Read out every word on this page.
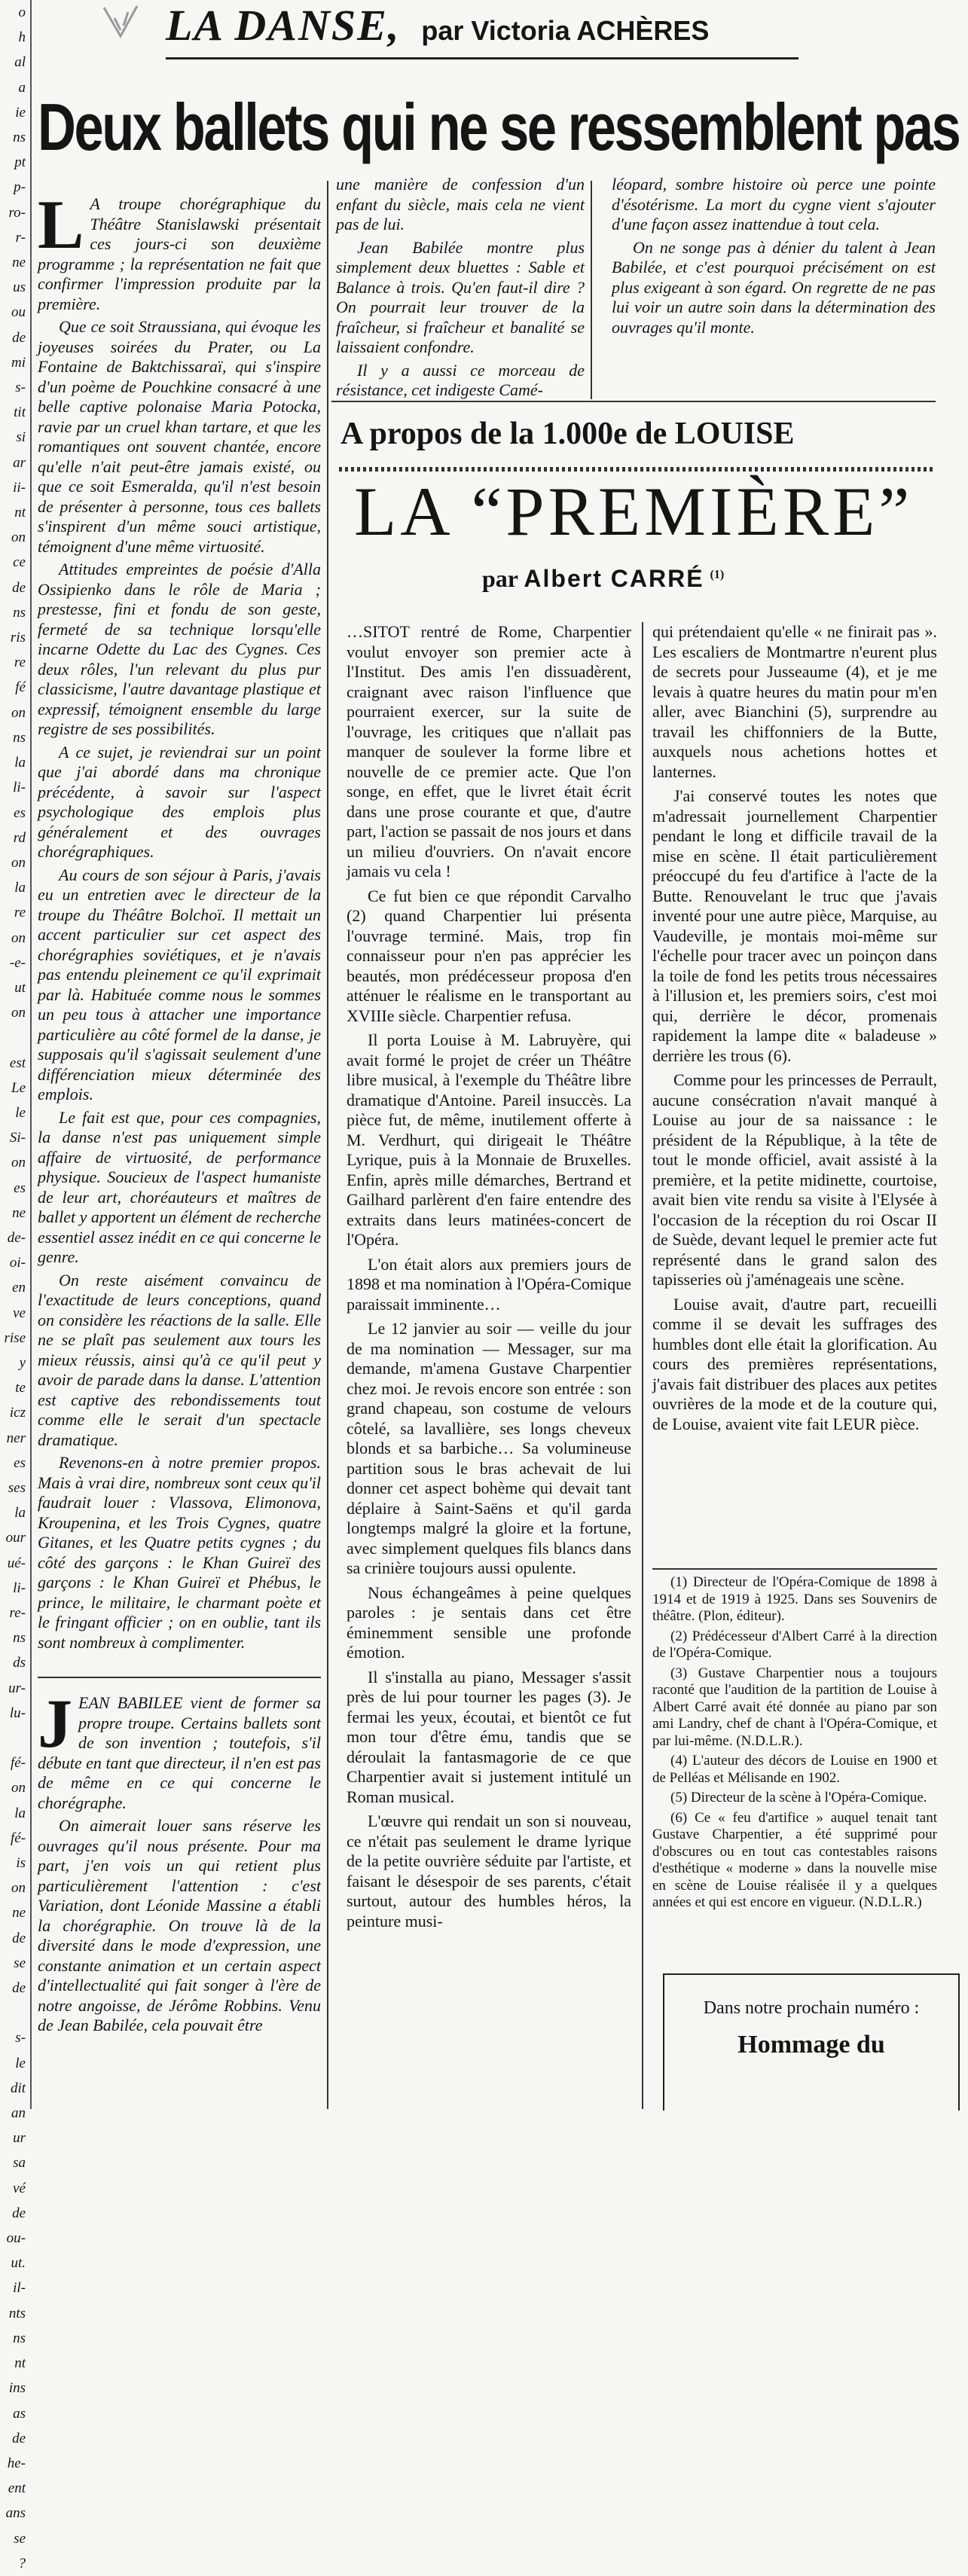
o
h
al
a
ie
ns
pt
p-
ro-
r-
ne
us
ou
de
mi
s-
tit
si
ar
ii-
nt
on
ce
de
ns
ris
re
fé
on
ns
la
li-
es
rd
on
la
re
on
-e-
ut
on

est
Le
le
Si-
on
es
ne
de-
oi-
en
ve
rise
y
te
icz
ner
es
ses
la
our
ué-
li-
re-
ns
ds
ur-
lu-

fé-
on
la
fé-
is
on
ne
de
se
de

s-
le
dit
an
ur
sa
vé
de
ou-
ut.
il-
nts
ns
nt
ins
as
de
he-
ent
ans
se
?
LA DANSE, par Victoria ACHÈRES
Deux ballets qui ne se ressemblent pas
L A troupe chorégraphique du Théâtre Stanislawski présentait ces jours-ci son deuxième programme ; la représentation ne fait que confirmer l'impression produite par la première.

Que ce soit Straussiana, qui évoque les joyeuses soirées du Prater, ou La Fontaine de Baktchissaraï, qui s'inspire d'un poème de Pouchkine consacré à une belle captive polonaise Maria Potocka, ravie par un cruel khan tartare, et que les romantiques ont souvent chantée, encore qu'elle n'ait peut-être jamais existé, ou que ce soit Esmeralda, qu'il n'est besoin de présenter à personne, tous ces ballets s'inspirent d'un même souci artistique, témoignent d'une même virtuosité.

Attitudes empreintes de poésie d'Alla Ossipienko dans le rôle de Maria ; prestesse, fini et fondu de son geste, fermeté de sa technique lorsqu'elle incarne Odette du Lac des Cygnes. Ces deux rôles, l'un relevant du plus pur classicisme, l'autre davantage plastique et expressif, témoignent ensemble du large registre de ses possibilités.

A ce sujet, je reviendrai sur un point que j'ai abordé dans ma chronique précédente, à savoir sur l'aspect psychologique des emplois plus généralement et des ouvrages chorégraphiques.

Au cours de son séjour à Paris, j'avais eu un entretien avec le directeur de la troupe du Théâtre Bolchoï. Il mettait un accent particulier sur cet aspect des chorégraphies soviétiques, et je n'avais pas entendu pleinement ce qu'il exprimait par là. Habituée comme nous le sommes un peu tous à attacher une importance particulière au côté formel de la danse, je supposais qu'il s'agissait seulement d'une différenciation mieux déterminée des emplois.

Le fait est que, pour ces compagnies, la danse n'est pas uniquement simple affaire de virtuosité, de performance physique. Soucieux de l'aspect humaniste de leur art, choréauteurs et maîtres de ballet y apportent un élément de recherche essentiel assez inédit en ce qui concerne le genre.

On reste aisément convaincu de l'exactitude de leurs conceptions, quand on considère les réactions de la salle. Elle ne se plaît pas seulement aux tours les mieux réussis, ainsi qu'à ce qu'il peut y avoir de parade dans la danse. L'attention est captive des rebondissements tout comme elle le serait d'un spectacle dramatique.

Revenons-en à notre premier propos. Mais à vrai dire, nombreux sont ceux qu'il faudrait louer : Vlassova, Elimonova, Kroupenina, et les Trois Cygnes, quatre Gitanes, et les Quatre petits cygnes ; du côté des garçons : le Khan Guireï des garçons : le Khan Guireï et Phébus, le prince, le militaire, le charmant poète et le fringant officier ; on en oublie, tant ils sont nombreux à complimenter.

J EAN BABILEE vient de former sa propre troupe. Certains ballets sont de son invention ; toutefois, s'il débute en tant que directeur, il n'en est pas de même en ce qui concerne le chorégraphe.

On aimerait louer sans réserve les ouvrages qu'il nous présente. Pour ma part, j'en vois un qui retient plus particulièrement l'attention : c'est Variation, dont Léonide Massine a établi la chorégraphie. On trouve là de la diversité dans le mode d'expression, une constante animation et un certain aspect d'intellectualité qui fait songer à l'ère de notre angoisse, de Jérôme Robbins. Venu de Jean Babilée, cela pouvait être

une manière de confession d'un enfant du siècle, mais cela ne vient pas de lui.

Jean Babilée montre plus simplement deux bluettes : Sable et Balance à trois. Qu'en faut-il dire ? On pourrait leur trouver de la fraîcheur, si fraîcheur et banalité se laissaient confondre.

Il y a aussi ce morceau de résistance, cet indigeste Camé-

léopard, sombre histoire où perce une pointe d'ésotérisme. La mort du cygne vient s'ajouter d'une façon assez inattendue à tout cela.

On ne songe pas à dénier du talent à Jean Babilée, et c'est pourquoi précisément on est plus exigeant à son égard. On regrette de ne pas lui voir un autre soin dans la détermination des ouvrages qu'il monte.

A propos de la 1.000e de LOUISE
LA “PREMIÈRE”
par Albert CARRÉ $^{(1)}$

…SITOT rentré de Rome, Charpentier voulut envoyer son premier acte à l'Institut. Des amis l'en dissuadèrent, craignant avec raison l'influence que pourraient exercer, sur la suite de l'ouvrage, les critiques que n'allait pas manquer de soulever la forme libre et nouvelle de ce premier acte. Que l'on songe, en effet, que le livret était écrit dans une prose courante et que, d'autre part, l'action se passait de nos jours et dans un milieu d'ouvriers. On n'avait encore jamais vu cela !

Ce fut bien ce que répondit Carvalho (2) quand Charpentier lui présenta l'ouvrage terminé. Mais, trop fin connaisseur pour n'en pas apprécier les beautés, mon prédécesseur proposa d'en atténuer le réalisme en le transportant au XVIIIe siècle. Charpentier refusa.

Il porta Louise à M. Labruyère, qui avait formé le projet de créer un Théâtre libre musical, à l'exemple du Théâtre libre dramatique d'Antoine. Pareil insuccès. La pièce fut, de même, inutilement offerte à M. Verdhurt, qui dirigeait le Théâtre Lyrique, puis à la Monnaie de Bruxelles. Enfin, après mille démarches, Bertrand et Gailhard parlèrent d'en faire entendre des extraits dans leurs matinées-concert de l'Opéra.

L'on était alors aux premiers jours de 1898 et ma nomination à l'Opéra-Comique paraissait imminente…

Le 12 janvier au soir — veille du jour de ma nomination — Messager, sur ma demande, m'amena Gustave Charpentier chez moi. Je revois encore son entrée : son grand chapeau, son costume de velours côtelé, sa lavallière, ses longs cheveux blonds et sa barbiche… Sa volumineuse partition sous le bras achevait de lui donner cet aspect bohème qui devait tant déplaire à Saint-Saëns et qu'il garda longtemps malgré la gloire et la fortune, avec simplement quelques fils blancs dans sa crinière toujours aussi opulente.

Nous échangeâmes à peine quelques paroles : je sentais dans cet être éminemment sensible une profonde émotion.

Il s'installa au piano, Messager s'assit près de lui pour tourner les pages (3). Je fermai les yeux, écoutai, et bientôt ce fut mon tour d'être ému, tandis que se déroulait la fantasmagorie de ce que Charpentier avait si justement intitulé un Roman musical.

L'œuvre qui rendait un son si nouveau, ce n'était pas seulement le drame lyrique de la petite ouvrière séduite par l'artiste, et faisant le désespoir de ses parents, c'était surtout, autour des humbles héros, la peinture musi-

qui prétendaient qu'elle « ne finirait pas ». Les escaliers de Montmartre n'eurent plus de secrets pour Jusseaume (4), et je me levais à quatre heures du matin pour m'en aller, avec Bianchini (5), surprendre au travail les chiffonniers de la Butte, auxquels nous achetions hottes et lanternes.

J'ai conservé toutes les notes que m'adressait journellement Charpentier pendant le long et difficile travail de la mise en scène. Il était particulièrement préoccupé du feu d'artifice à l'acte de la Butte. Renouvelant le truc que j'avais inventé pour une autre pièce, Marquise, au Vaudeville, je montais moi-même sur l'échelle pour tracer avec un poinçon dans la toile de fond les petits trous nécessaires à l'illusion et, les premiers soirs, c'est moi qui, derrière le décor, promenais rapidement la lampe dite « baladeuse » derrière les trous (6).

Comme pour les princesses de Perrault, aucune consécration n'avait manqué à Louise au jour de sa naissance : le président de la République, à la tête de tout le monde officiel, avait assisté à la première, et la petite midinette, courtoise, avait bien vite rendu sa visite à l'Elysée à l'occasion de la réception du roi Oscar II de Suède, devant lequel le premier acte fut représenté dans le grand salon des tapisseries où j'aménageais une scène.

Louise avait, d'autre part, recueilli comme il se devait les suffrages des humbles dont elle était la glorification. Au cours des premières représentations, j'avais fait distribuer des places aux petites ouvrières de la mode et de la couture qui, de Louise, avaient vite fait LEUR pièce.

(1) Directeur de l'Opéra-Comique de 1898 à 1914 et de 1919 à 1925. Dans ses Souvenirs de théâtre. (Plon, éditeur).

(2) Prédécesseur d'Albert Carré à la direction de l'Opéra-Comique.

(3) Gustave Charpentier nous a toujours raconté que l'audition de la partition de Louise à Albert Carré avait été donnée au piano par son ami Landry, chef de chant à l'Opéra-Comique, et par lui-même. (N.D.L.R.).

(4) L'auteur des décors de Louise en 1900 et de Pelléas et Mélisande en 1902.

(5) Directeur de la scène à l'Opéra-Comique.

(6) Ce « feu d'artifice » auquel tenait tant Gustave Charpentier, a été supprimé pour d'obscures ou en tout cas contestables raisons d'esthétique « moderne » dans la nouvelle mise en scène de Louise réalisée il y a quelques années et qui est encore en vigueur. (N.D.L.R.)

Dans notre prochain numéro :
Hommage du
